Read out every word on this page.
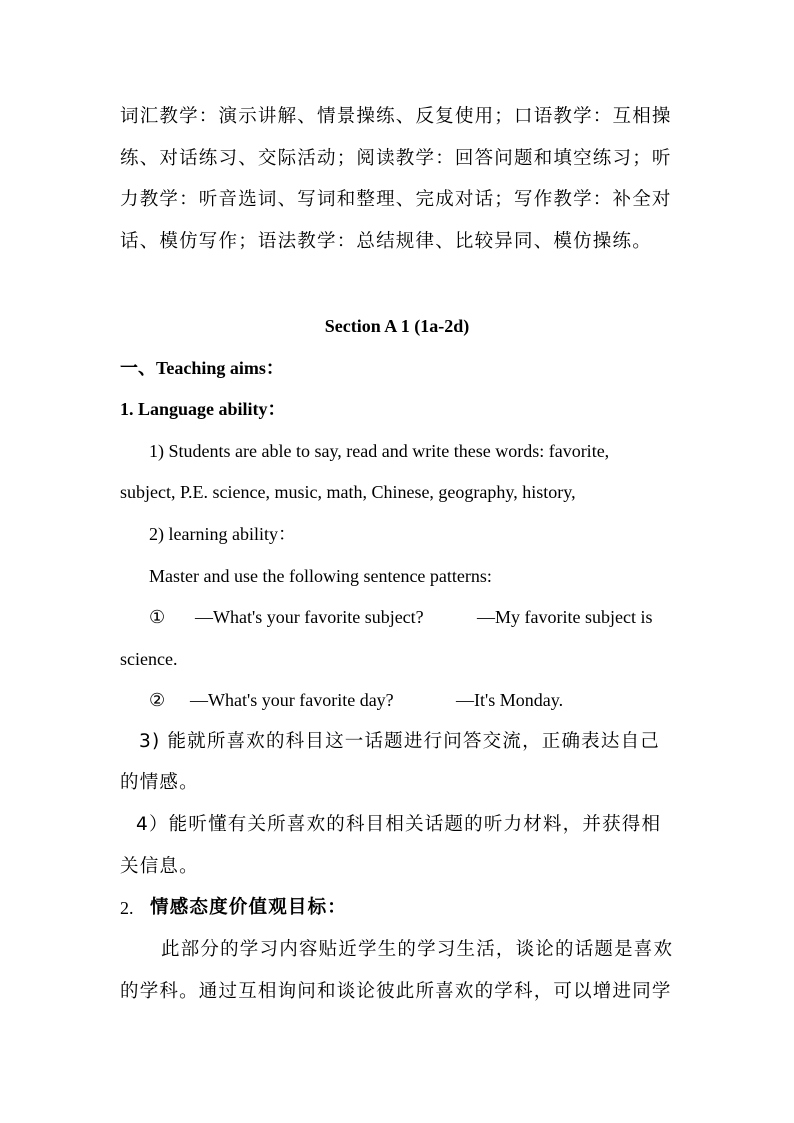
词汇教学：演示讲解、情景操练、反复使用；口语教学：互相操
练、对话练习、交际活动；阅读教学：回答问题和填空练习；听
力教学：听音选词、写词和整理、完成对话；写作教学：补全对
话、模仿写作；语法教学：总结规律、比较异同、模仿操练。
Section A 1 (1a-2d)
一、Teaching aims：
1. Language ability：
1) Students are able to say, read and write these words: favorite,
subject, P.E. science, music, math, Chinese, geography, history,
2) learning ability：
Master and use the following sentence patterns:
① —What's your favorite subject?	—My favorite subject is
science.
② —What's your favorite day?	—It's Monday.
3) 能就所喜欢的科目这一话题进行问答交流，正确表达自己
的情感。
4）能听懂有关所喜欢的科目相关话题的听力材料，并获得相
关信息。
2. 情感态度价值观目标：
此部分的学习内容贴近学生的学习生活，谈论的话题是喜欢
的学科。通过互相询问和谈论彼此所喜欢的学科，可以增进同学
